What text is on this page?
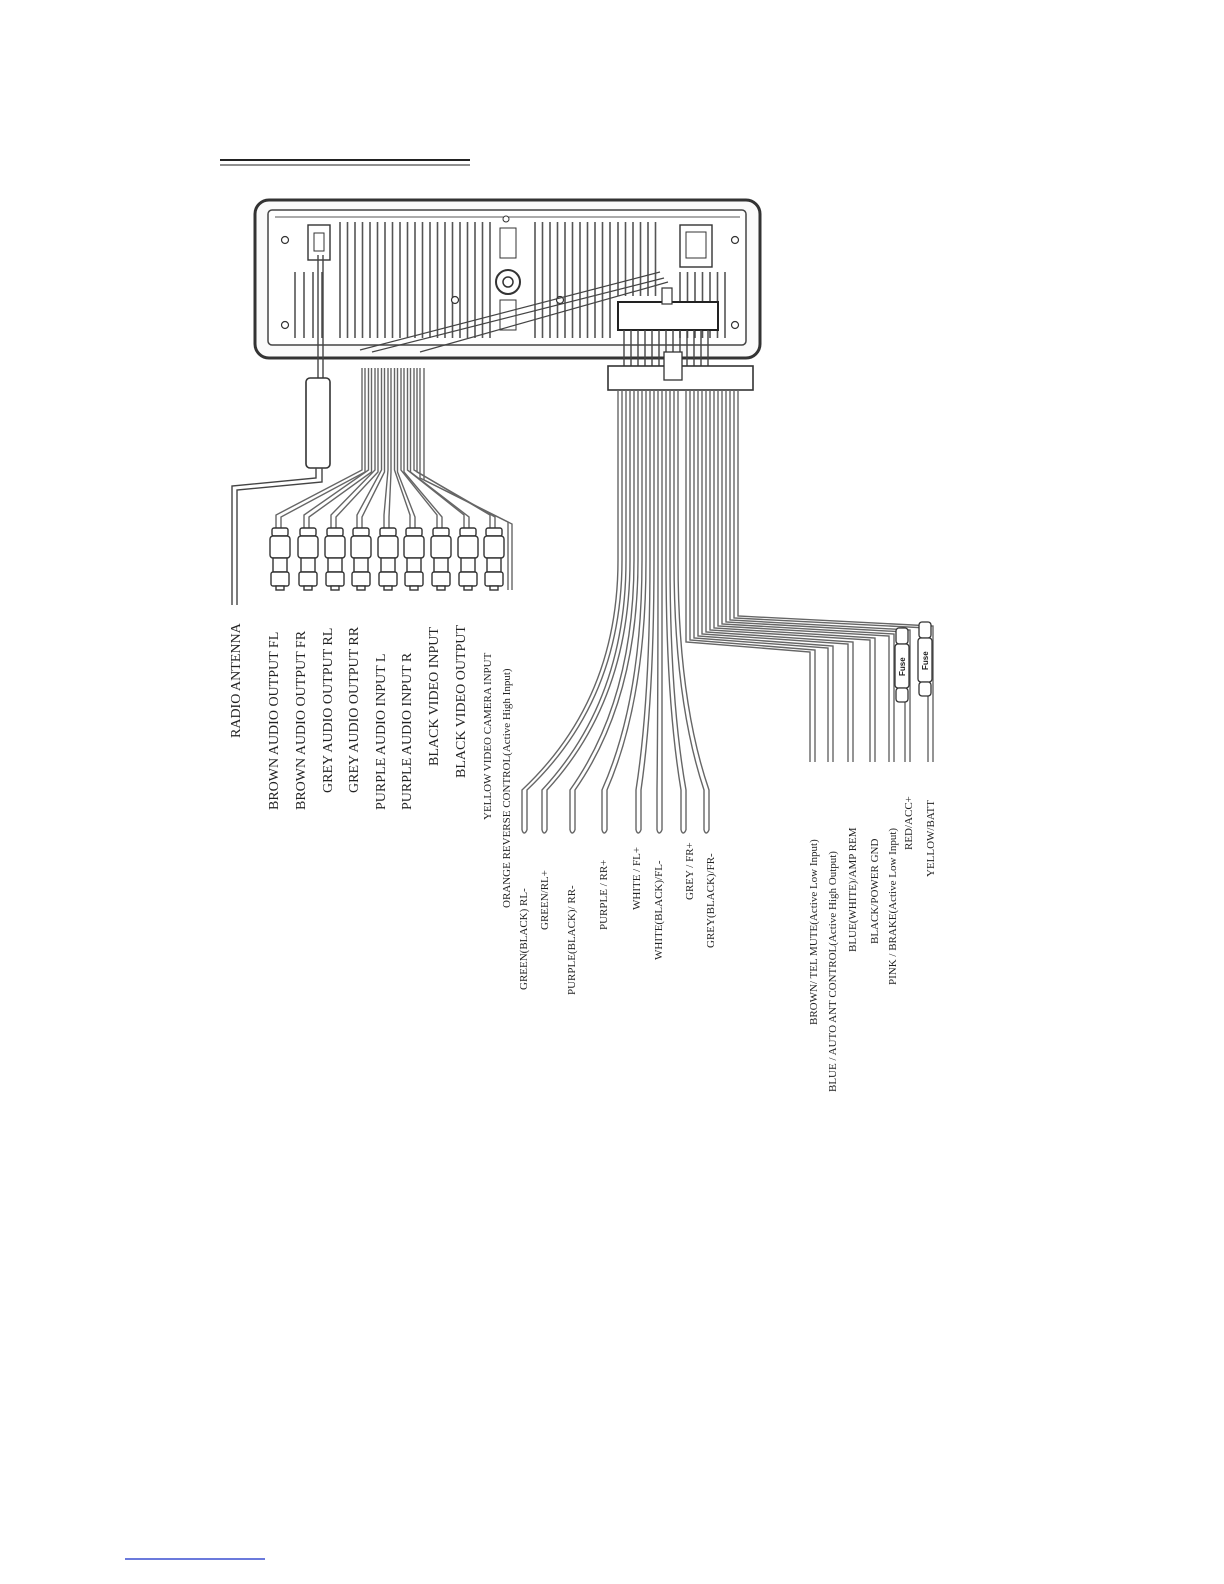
Fuse Fuse
RADIO ANTENNA BROWN AUDIO OUTPUT FL BROWN AUDIO OUTPUT FR GREY AUDIO OUTPUT RL GREY AUDIO OUTPUT RR PURPLE AUDIO INPUT L PURPLE AUDIO INPUT R BLACK VIDEO INPUT BLACK VIDEO OUTPUT YELLOW VIDEO CAMERA INPUT ORANGE REVERSE CONTROL(Active High Input)
GREEN(BLACK) RL- GREEN/RL+ PURPLE(BLACK)/ RR- PURPLE / RR+ WHITE / FL+ WHITE(BLACK)/FL- GREY / FR+ GREY(BLACK)/FR-	BROWN/ TEL MUTE(Active Low Input) BLUE / AUTO ANT CONTROL(Active High Output) BLUE(WHITE)/AMP REM BLACK/POWER GND PINK / BRAKE(Active Low Input)
RED/ACC+ YELLOW/BATT
